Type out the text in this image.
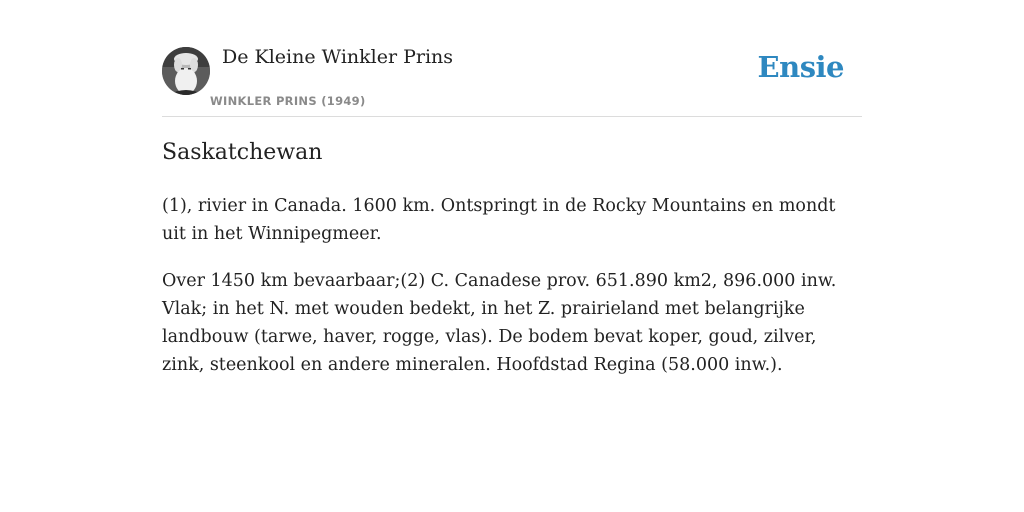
De Kleine Winkler Prins
WINKLER PRINS (1949)
Ensie
Saskatchewan

(1), rivier in Canada. 1600 km. Ontspringt in de Rocky Mountains en mondt uit in het Winnipegmeer.

Over 1450 km bevaarbaar;(2) C. Canadese prov. 651.890 km2, 896.000 inw. Vlak; in het N. met wouden bedekt, in het Z. prairieland met belangrijke landbouw (tarwe, haver, rogge, vlas). De bodem bevat koper, goud, zilver, zink, steenkool en andere mineralen. Hoofdstad Regina (58.000 inw.).
